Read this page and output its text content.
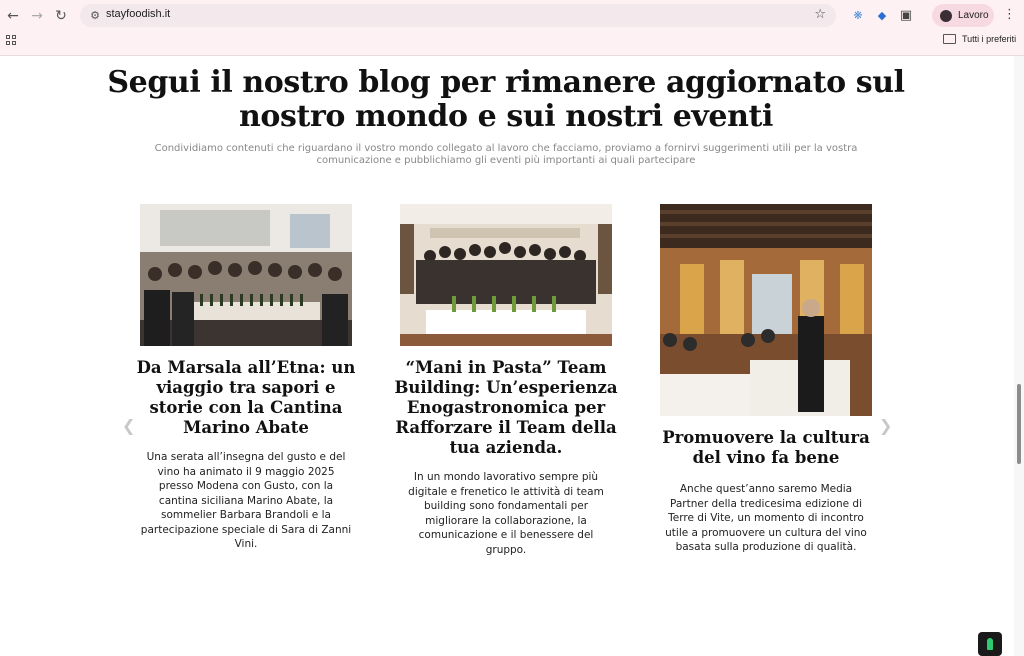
← → ↻	⚙ stayfoodish.it	☆	❋	◆ ▣	Lavoro ⋮
Tutti i preferiti
Segui il nostro blog per rimanere aggiornato sul nostro mondo e sui nostri eventi
Condividiamo contenuti che riguardano il vostro mondo collegato al lavoro che facciamo, proviamo a fornirvi suggerimenti utili per la vostra comunicazione e pubblichiamo gli eventi più importanti ai quali partecipare
❮	❯
Da Marsala all’Etna: un viaggio tra sapori e storie con la Cantina Marino Abate

Una serata all’insegna del gusto e del vino ha animato il 9 maggio 2025 presso Modena con Gusto, con la cantina siciliana Marino Abate, la sommelier Barbara Brandoli e la partecipazione speciale di Sara di Zanni Vini.

“Mani in Pasta” Team Building: Un’esperienza Enogastronomica per Rafforzare il Team della tua azienda.

In un mondo lavorativo sempre più digitale e frenetico le attività di team building sono fondamentali per migliorare la collaborazione, la comunicazione e il benessere del gruppo.

Promuovere la cultura del vino fa bene

Anche quest’anno saremo Media Partner della tredicesima edizione di Terre di Vite, un momento di incontro utile a promuovere un cultura del vino basata sulla produzione di qualità.
